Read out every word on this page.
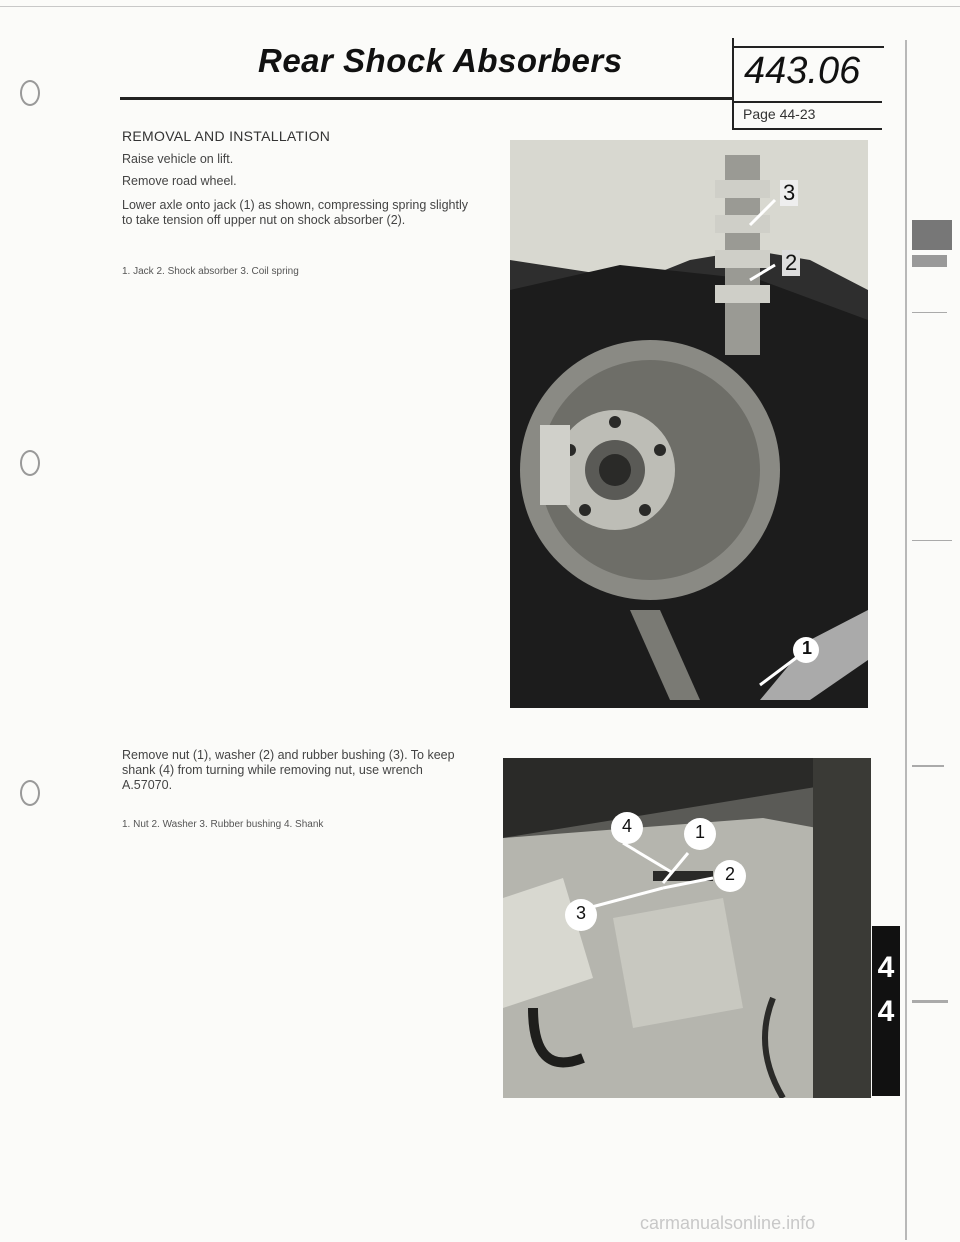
Rear Shock Absorbers	443.06
Page 44-23
REMOVAL AND INSTALLATION
Raise vehicle on lift.
Remove road wheel.
Lower axle onto jack (1) as shown, compressing spring slightly
to take tension off upper nut on shock absorber (2).
1. Jack 2. Shock absorber 3. Coil spring
Remove nut (1), washer (2) and rubber bushing (3). To keep
shank (4) from turning while removing nut, use wrench
A.57070.
1. Nut 2. Washer 3. Rubber bushing 4. Shank
3
2
1
4	1
2
3
4
4
carmanualsonline.info
